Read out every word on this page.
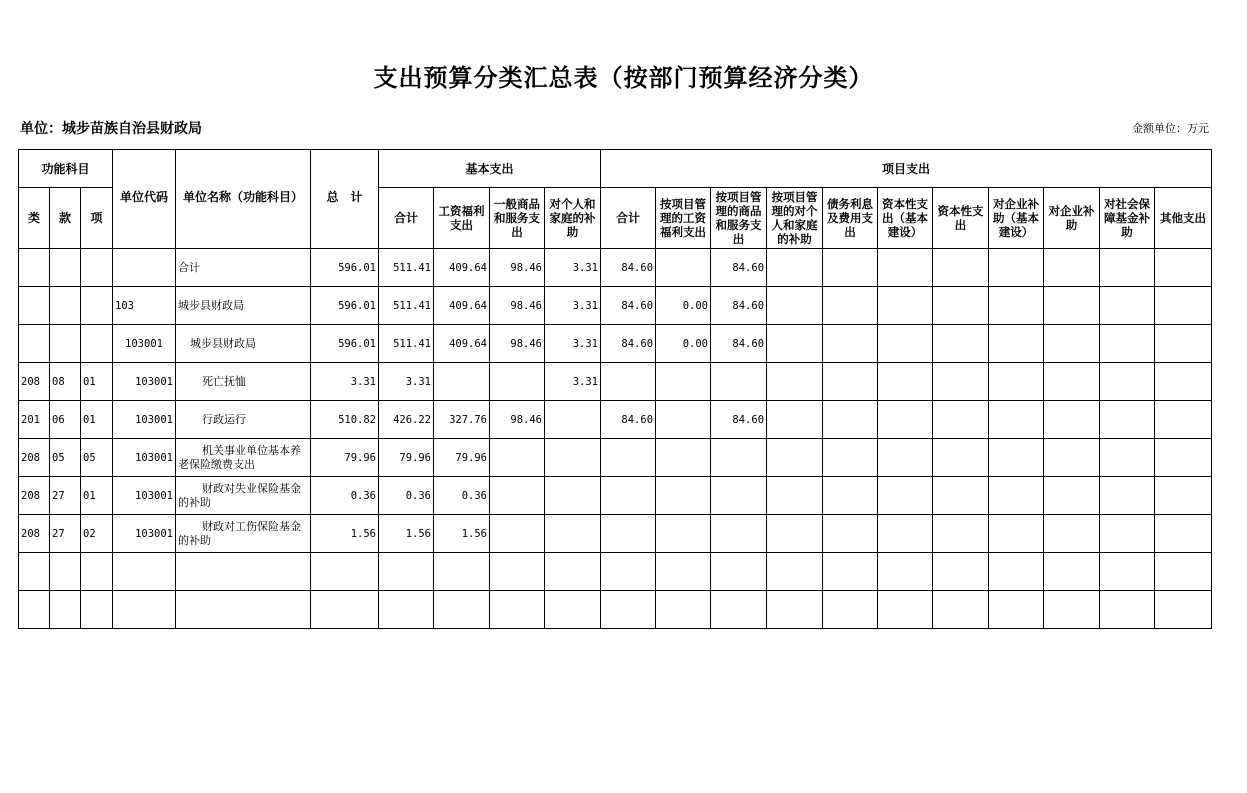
支出预算分类汇总表（按部门预算经济分类）
单位：城步苗族自治县财政局	金额单位：万元
功能科目			单位代码	单位名称（功能科目）	总　计	基本支出				项目支出										
类	款	项				合计	工资福利支出	一般商品和服务支出	对个人和家庭的补助	合计	按项目管理的工资福利支出	按项目管理的商品和服务支出	按项目管理的对个人和家庭的补助	债务利息及费用支出	资本性支出（基本建设）	资本性支出	对企业补助（基本建设）	对企业补助	对社会保障基金补助	其他支出
				合计	596.01	511.41	409.64	98.46	3.31	84.60		84.60								
			103	城步县财政局	596.01	511.41	409.64	98.46	3.31	84.60	0.00	84.60								
			103001	城步县财政局	596.01	511.41	409.64	98.46	3.31	84.60	0.00	84.60								
208	08	01	103001	死亡抚恤	3.31	3.31			3.31											
201	06	01	103001	行政运行	510.82	426.22	327.76	98.46		84.60		84.60								
208	05	05	103001	机关事业单位基本养老保险缴费支出	79.96	79.96	79.96													
208	27	01	103001	财政对失业保险基金的补助	0.36	0.36	0.36													
208	27	02	103001	财政对工伤保险基金的补助	1.56	1.56	1.56													
